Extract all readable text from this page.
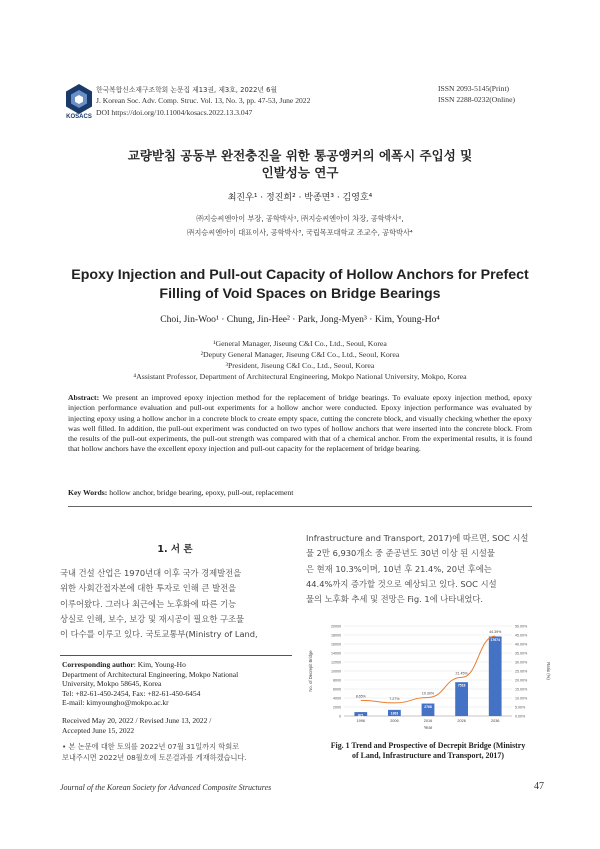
KOSACS
한국복합신소재구조학회 논문집 제13권, 제3호, 2022년 6월
J. Korean Soc. Adv. Comp. Struc. Vol. 13, No. 3, pp. 47-53, June 2022
DOI https://doi.org/10.11004/kosacs.2022.13.3.047
ISSN 2093-5145(Print)
ISSN 2288-0232(Online)
교량받침 공동부 완전충진을 위한 통공앵커의 에폭시 주입성 및
인발성능 연구
최진우¹ · 정진희² · 박종면³ · 김영호⁴
㈜지승씨엔아이 부장, 공학박사¹, ㈜지승씨엔아이 차장, 공학박사²,
㈜지승씨엔아이 대표이사, 공학박사³, 국립목포대학교 조교수, 공학박사⁴
Epoxy Injection and Pull-out Capacity of Hollow Anchors for Prefect
Filling of Void Spaces on Bridge Bearings
Choi, Jin-Woo¹ · Chung, Jin-Hee² · Park, Jong-Myen³ · Kim, Young-Ho⁴
¹General Manager, Jiseung C&I Co., Ltd., Seoul, Korea
²Deputy General Manager, Jiseung C&I Co., Ltd., Seoul, Korea
³President, Jiseung C&I Co., Ltd., Seoul, Korea
⁴Assistant Professor, Department of Architectural Engineering, Mokpo National University, Mokpo, Korea
Abstract: We present an improved epoxy injection method for the replacement of bridge bearings. To evaluate epoxy injection method, epoxy injection performance evaluation and pull-out experiments for a hollow anchor were conducted. Epoxy injection performance was evaluated by injecting epoxy using a hollow anchor in a concrete block to create empty space, cutting the concrete block, and visually checking whether the epoxy was well filled. In addition, the pull-out experiment was conducted on two types of hollow anchors that were inserted into the concrete block. From the results of the pull-out experiments, the pull-out strength was compared with that of a chemical anchor. From the experimental results, it is found that hollow anchors have the excellent epoxy injection and pull-out capacity for the replacement of bridge bearing.
Key Words: hollow anchor, bridge bearing, epoxy, pull-out, replacement
1. 서 론
국내 건설 산업은 1970년대 이후 국가 경제발전을
위한 사회간접자본에 대한 투자로 인해 큰 발전을
이루어왔다. 그러나 최근에는 노후화에 따른 기능
상실로 인해, 보수, 보강 및 재시공이 필요한 구조물
이 다수를 이루고 있다. 국토교통부(Ministry of Land,
Infrastructure and Transport, 2017)에 따르면, SOC 시설
물 2만 6,930개소 중 준공년도 30년 이상 된 시설물
은 현재 10.3%이며, 10년 후 21.4%, 20년 후에는
44.4%까지 증가할 것으로 예상되고 있다. SOC 시설
물의 노후화 추세 및 전망은 Fig. 1에 나타내었다.
Corresponding author: Kim, Young-Ho
Department of Architectural Engineering, Mokpo National
University, Mokpo 58645, Korea
Tel: +82-61-450-2454, Fax: +82-61-450-6454
E-mail: kimyoungho@mokpo.ac.kr
Received May 20, 2022 / Revised June 13, 2022 /
Accepted June 15, 2022
• 본 논문에 대한 토의를 2022년 07월 31일까지 학회로
보내주시면 2022년 08월호에 토론결과를 게재하겠습니다.
0
2000
4000
6000
8000
10000
12000
14000
16000
18000
20000
0.00%
5.00%
10.00%
15.00%
20.00%
25.00%
30.00%
35.00%
40.00%
45.00%
50.00%
871
1996
1363
2006
2768
2016
7518
2026
17674
2036
8.65%
7.27%
10.30%
21.45%
44.39%
Year
No. of Decrepit Bridge	Ratio (%)
Fig. 1 Trend and Prospective of Decrepit Bridge (Ministry
of Land, Infrastructure and Transport, 2017)
Journal of the Korean Society for Advanced Composite Structures	47
